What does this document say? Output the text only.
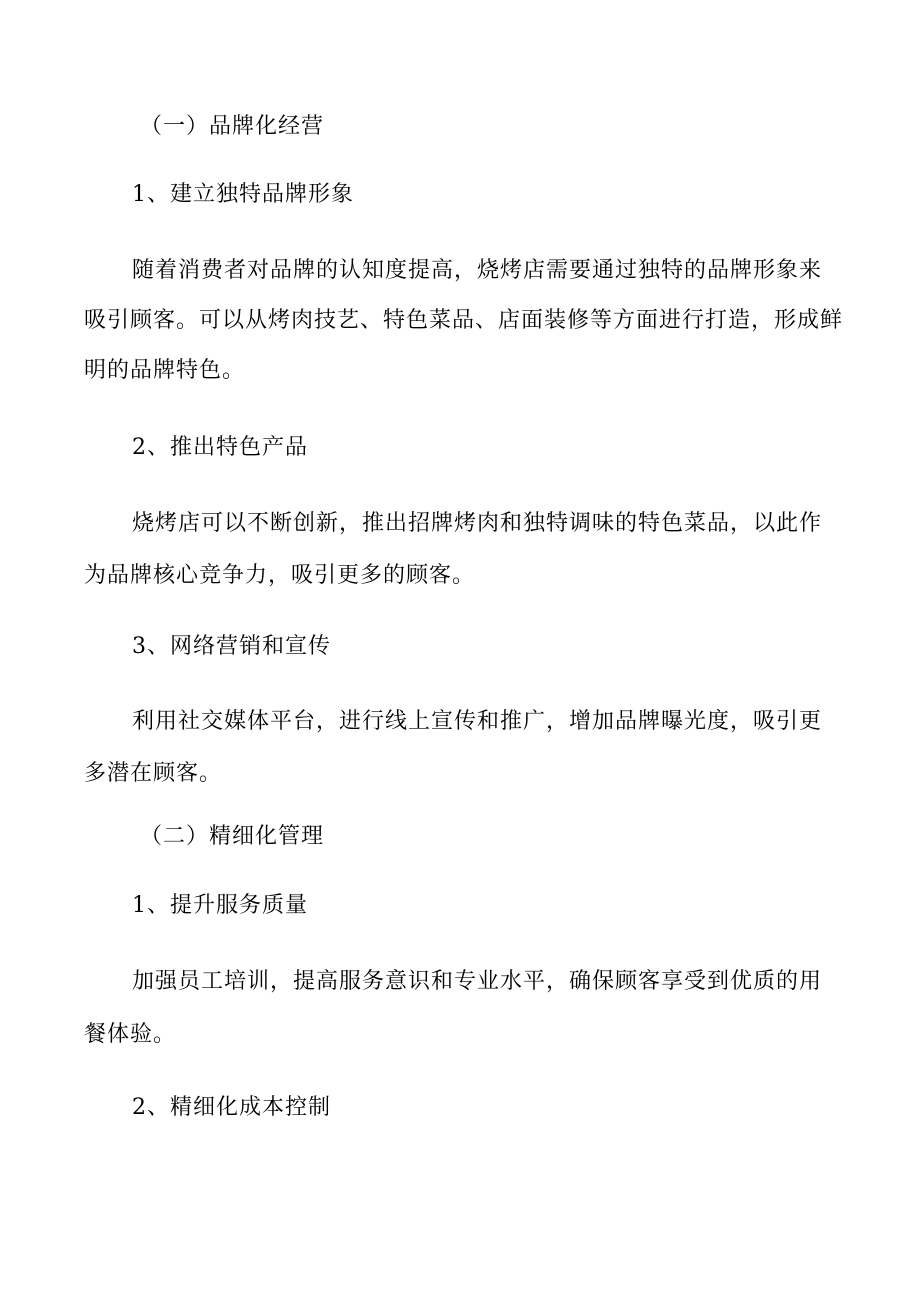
（一）品牌化经营
1、建立独特品牌形象
随着消费者对品牌的认知度提高，烧烤店需要通过独特的品牌形象来
吸引顾客。可以从烤肉技艺、特色菜品、店面装修等方面进行打造，形成鲜
明的品牌特色。
2、推出特色产品
烧烤店可以不断创新，推出招牌烤肉和独特调味的特色菜品，以此作
为品牌核心竞争力，吸引更多的顾客。
3、网络营销和宣传
利用社交媒体平台，进行线上宣传和推广，增加品牌曝光度，吸引更
多潜在顾客。
（二）精细化管理
1、提升服务质量
加强员工培训，提高服务意识和专业水平，确保顾客享受到优质的用
餐体验。
2、精细化成本控制
